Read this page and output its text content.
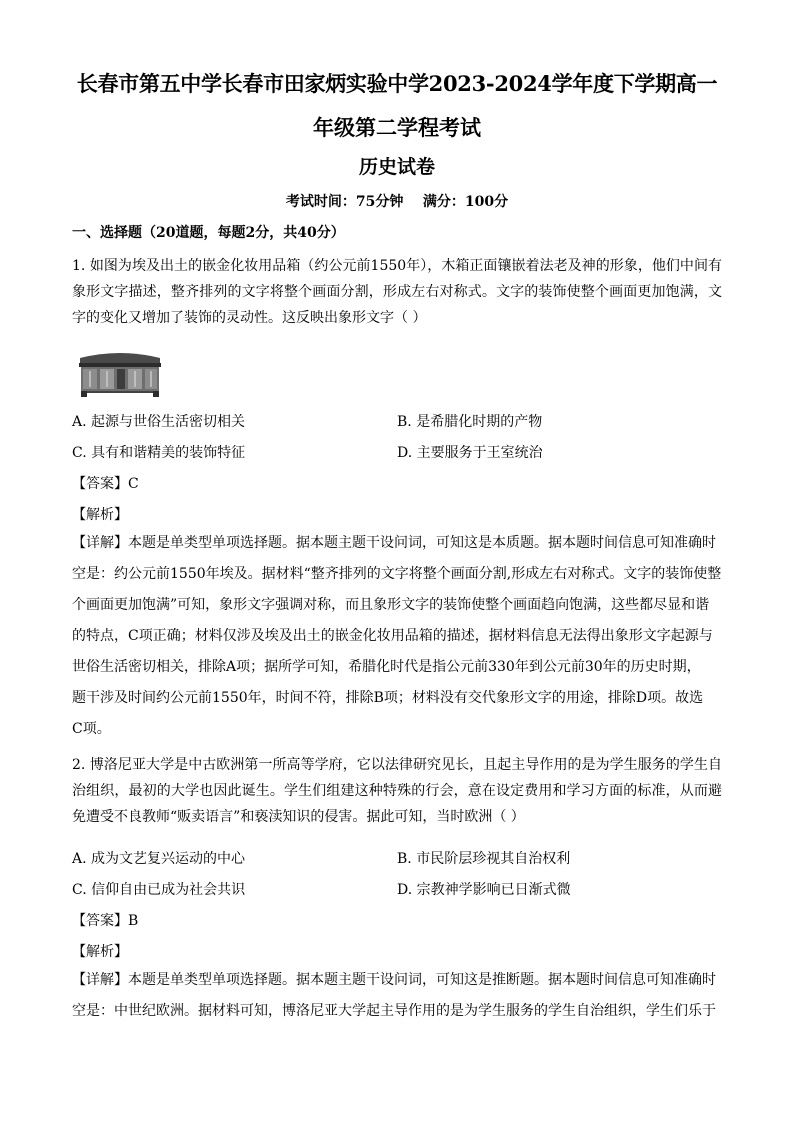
长春市第五中学长春市田家炳实验中学2023-2024学年度下学期高一
年级第二学程考试
历史试卷
考试时间：75分钟    满分：100分
一、选择题（20道题，每题2分，共40分）
1. 如图为埃及出土的嵌金化妆用品箱（约公元前1550年），木箱正面镶嵌着法老及神的形象，他们中间有象形文字描述，整齐排列的文字将整个画面分割，形成左右对称式。文字的装饰使整个画面更加饱满，文字的变化又增加了装饰的灵动性。这反映出象形文字（ ）
A. 起源与世俗生活密切相关	B. 是希腊化时期的产物
C. 具有和谐精美的装饰特征	D. 主要服务于王室统治
【答案】C
【解析】
【详解】本题是单类型单项选择题。据本题主题干设问词，可知这是本质题。据本题时间信息可知准确时
空是：约公元前1550年埃及。据材料“整齐排列的文字将整个画面分割,形成左右对称式。文字的装饰使整
个画面更加饱满”可知，象形文字强调对称，而且象形文字的装饰使整个画面趋向饱满，这些都尽显和谐
的特点，C项正确；材料仅涉及埃及出土的嵌金化妆用品箱的描述，据材料信息无法得出象形文字起源与
世俗生活密切相关，排除A项；据所学可知，希腊化时代是指公元前330年到公元前30年的历史时期，
题干涉及时间约公元前1550年，时间不符，排除B项；材料没有交代象形文字的用途，排除D项。故选
C项。
2. 博洛尼亚大学是中古欧洲第一所高等学府，它以法律研究见长，且起主导作用的是为学生服务的学生自治组织，最初的大学也因此诞生。学生们组建这种特殊的行会，意在设定费用和学习方面的标准，从而避免遭受不良教师“贩卖语言”和亵渎知识的侵害。据此可知，当时欧洲（ ）
A. 成为文艺复兴运动的中心	B. 市民阶层珍视其自治权利
C. 信仰自由已成为社会共识	D. 宗教神学影响已日渐式微
【答案】B
【解析】
【详解】本题是单类型单项选择题。据本题主题干设问词，可知这是推断题。据本题时间信息可知准确时
空是：中世纪欧洲。据材料可知，博洛尼亚大学起主导作用的是为学生服务的学生自治组织，学生们乐于
